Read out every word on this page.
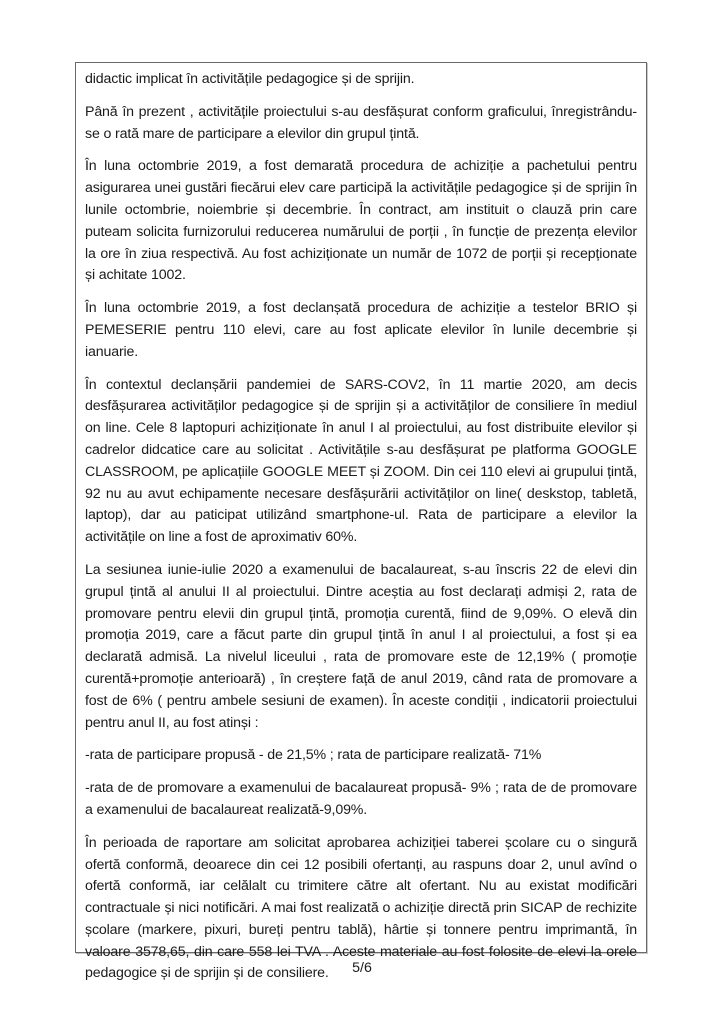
didactic implicat în activitățile pedagogice și de sprijin.

Până în prezent , activitățile proiectului s-au desfășurat conform graficului, înregistrându-se o rată mare de participare a elevilor din grupul țintă.

În luna octombrie 2019, a fost demarată procedura de achiziție a pachetului pentru asigurarea unei gustări fiecărui elev care participă la activitățile pedagogice și de sprijin în lunile octombrie, noiembrie și decembrie. În contract, am instituit o clauză prin care puteam solicita furnizorului reducerea numărului de porții , în funcție de prezența elevilor la ore în ziua respectivă. Au fost achiziționate un număr de 1072 de porții și recepționate și achitate 1002.

În luna octombrie 2019, a fost declanșată procedura de achiziție a testelor BRIO și PEMESERIE pentru 110 elevi, care au fost aplicate elevilor în lunile decembrie și ianuarie.

În contextul declanșării pandemiei de SARS-COV2, în 11 martie 2020, am decis desfășurarea activităților pedagogice și de sprijin și a activităților de consiliere în mediul on line. Cele 8 laptopuri achiziționate în anul I al proiectului, au fost distribuite elevilor și cadrelor didcatice care au solicitat . Activitățile s-au desfășurat pe platforma GOOGLE CLASSROOM, pe aplicațiile GOOGLE MEET și ZOOM. Din cei 110 elevi ai grupului țintă, 92 nu au avut echipamente necesare desfășurării activităților on line( deskstop, tabletă, laptop), dar au paticipat utilizând smartphone-ul. Rata de participare a elevilor la activitățile on line a fost de aproximativ 60%.

La sesiunea iunie-iulie 2020 a examenului de bacalaureat, s-au înscris 22 de elevi din grupul țintă al anului II al proiectului. Dintre aceștia au fost declarați admiși 2, rata de promovare pentru elevii din grupul țintă, promoția curentă, fiind de 9,09%. O elevă din promoția 2019, care a făcut parte din grupul țintă în anul I al proiectului, a fost și ea declarată admisă. La nivelul liceului , rata de promovare este de 12,19% ( promoție curentă+promoție anterioară) , în creștere față de anul 2019, când rata de promovare a fost de 6% ( pentru ambele sesiuni de examen). În aceste condiții , indicatorii proiectului pentru anul II, au fost atinși :

-rata de participare propusă - de 21,5% ; rata de participare realizată- 71%

-rata de de promovare a examenului de bacalaureat propusă- 9% ; rata de de promovare a examenului de bacalaureat realizată-9,09%.

În perioada de raportare am solicitat aprobarea achiziției taberei școlare cu o singură ofertă conformă, deoarece din cei 12 posibili ofertanți, au raspuns doar 2, unul avînd o ofertă conformă, iar celălalt cu trimitere către alt ofertant. Nu au existat modificări contractuale și nici notificări. A mai fost realizată o achiziție directă prin SICAP de rechizite școlare (markere, pixuri, bureți pentru tablă), hârtie și tonnere pentru imprimantă, în valoare 3578,65, din care 558 lei TVA . Aceste materiale au fost folosite de elevi la orele pedagogice și de sprijin și de consiliere.	5/6
